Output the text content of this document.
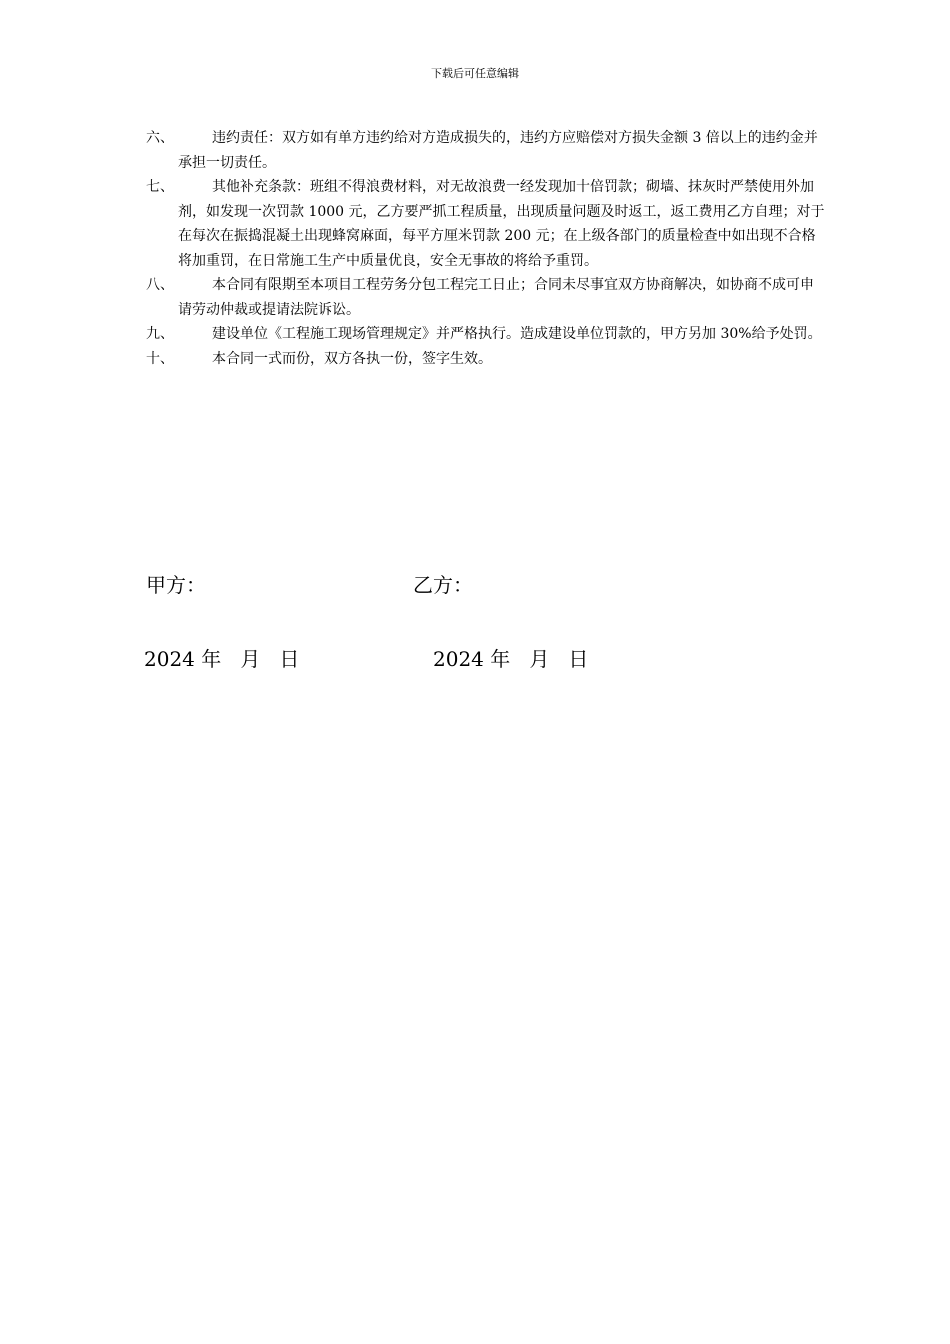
下载后可任意编辑
六、	违约责任：双方如有单方违约给对方造成损失的，违约方应赔偿对方损失金额 3 倍以上的违约金并承担一切责任。
七、	其他补充条款：班组不得浪费材料，对无故浪费一经发现加十倍罚款；砌墙、抹灰时严禁使用外加剂，如发现一次罚款 1000 元，乙方要严抓工程质量，出现质量问题及时返工，返工费用乙方自理；对于在每次在振捣混凝土出现蜂窝麻面，每平方厘米罚款 200 元；在上级各部门的质量检查中如出现不合格将加重罚，在日常施工生产中质量优良，安全无事故的将给予重罚。
八、	本合同有限期至本项目工程劳务分包工程完工日止；合同未尽事宜双方协商解决，如协商不成可申请劳动仲裁或提请法院诉讼。
九、	建设单位《工程施工现场管理规定》并严格执行。造成建设单位罚款的，甲方另加 30%给予处罚。
十、	本合同一式而份，双方各执一份，签字生效。
甲方：	乙方：
2024 年   月   日	2024 年   月   日
